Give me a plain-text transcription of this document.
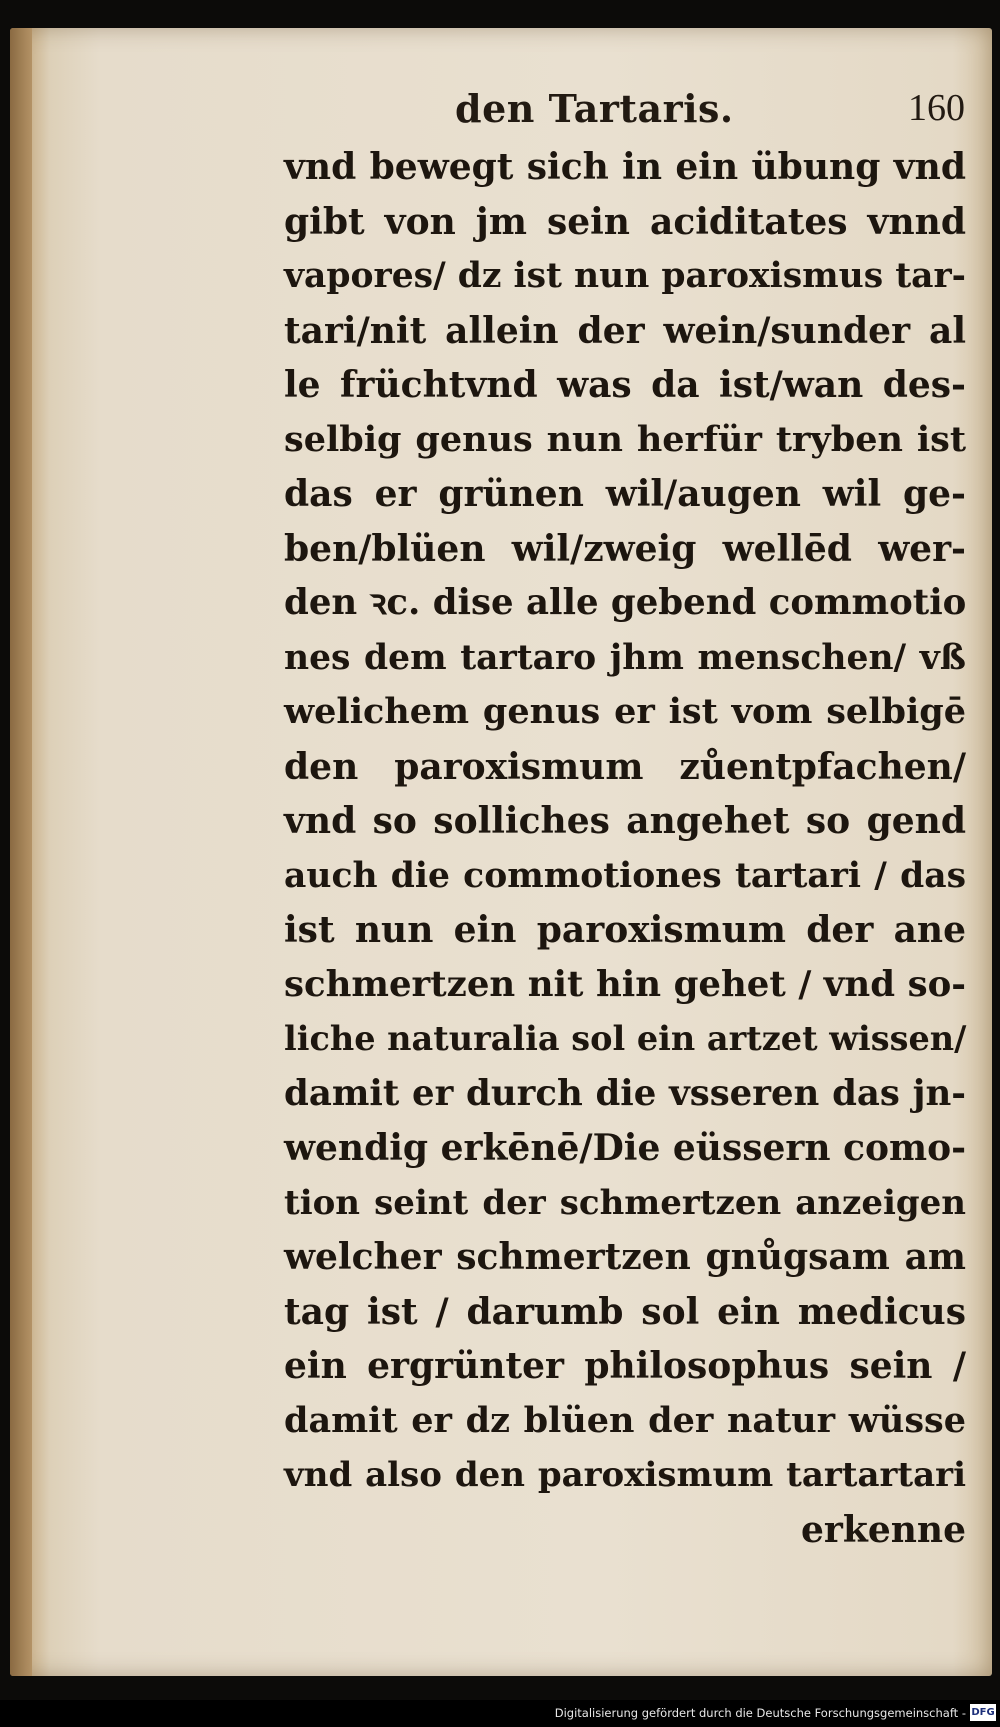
den Tartaris.	160
vnd bewegt sich in ein übung vnd
gibt von jm sein aciditates vnnd
vapores/ dz ist nun paroxismus tar-
tari/nit allein der wein/sunder al
le früchtvnd was da ist/wan des-
selbig genus nun herfür tryben ist
das er grünen wil/augen wil ge-
ben/blüen wil/zweig wellēd wer-
den ꝛc. dise alle gebend commotio
nes dem tartaro jhm menschen/ vß
welichem genus er ist vom selbigē
den paroxismum zůentpfachen/
vnd so solliches angehet so gend
auch die commotiones tartari / das
ist nun ein paroxismum der ane
schmertzen nit hin gehet / vnd so-
liche naturalia sol ein artzet wissen/
damit er durch die vsseren das jn-
wendig erkēnē/Die eüssern como-
tion seint der schmertzen anzeigen
welcher schmertzen gnůgsam am
tag ist / darumb sol ein medicus
ein ergrünter philosophus sein /
damit er dz blüen der natur wüsse
vnd also den paroxismum tartartari
erkenne
Digitalisierung gefördert durch die Deutsche Forschungsgemeinschaft - DFG
